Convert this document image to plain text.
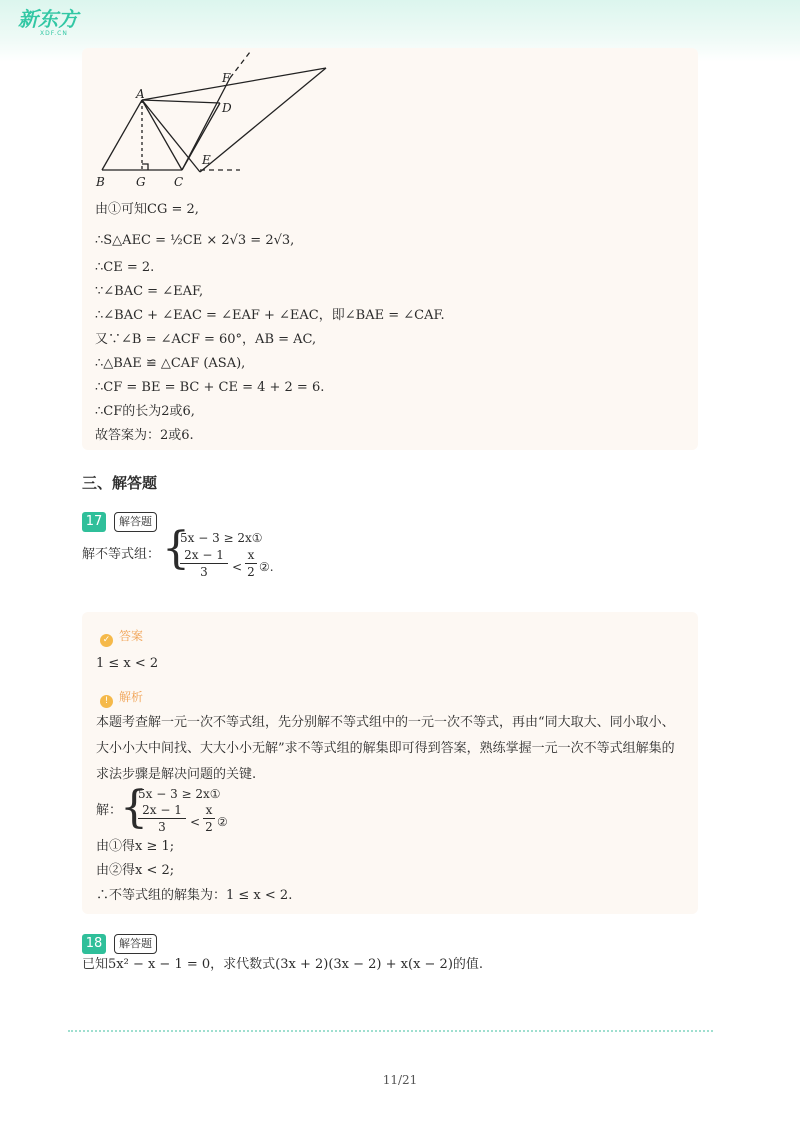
新东方
XDF.CN
A
F
D
E
B	G C
由①可知CG = 2,
∴S△AEC = ½CE × 2√3 = 2√3,
∴CE = 2.
∵∠BAC = ∠EAF,
∴∠BAC + ∠EAC = ∠EAF + ∠EAC，即∠BAE = ∠CAF.
又∵∠B = ∠ACF = 60°，AB = AC,
∴△BAE ≌ △CAF (ASA),
∴CF = BE = BC + CE = 4 + 2 = 6.
∴CF的长为2或6,
故答案为：2或6.
三、解答题
17	解答题
解不等式组： {
5x − 3 ≥ 2x①
2x − 1
3	<
x
2 ②.
✓ 答案
1 ≤ x < 2
! 解析
本题考查解一元一次不等式组，先分别解不等式组中的一元一次不等式，再由“同大取大、同小取小、大小小大中间找、大大小小无解”求不等式组的解集即可得到答案，熟练掌握一元一次不等式组解集的求法步骤是解决问题的关键.
解：
{
5x − 3 ≥ 2x①
2x − 1
3	<
x
2 ②
由①得x ≥ 1;
由②得x < 2;
∴不等式组的解集为：1 ≤ x < 2.
18	解答题
已知5x² − x − 1 = 0，求代数式(3x + 2)(3x − 2) + x(x − 2)的值.
11/21
